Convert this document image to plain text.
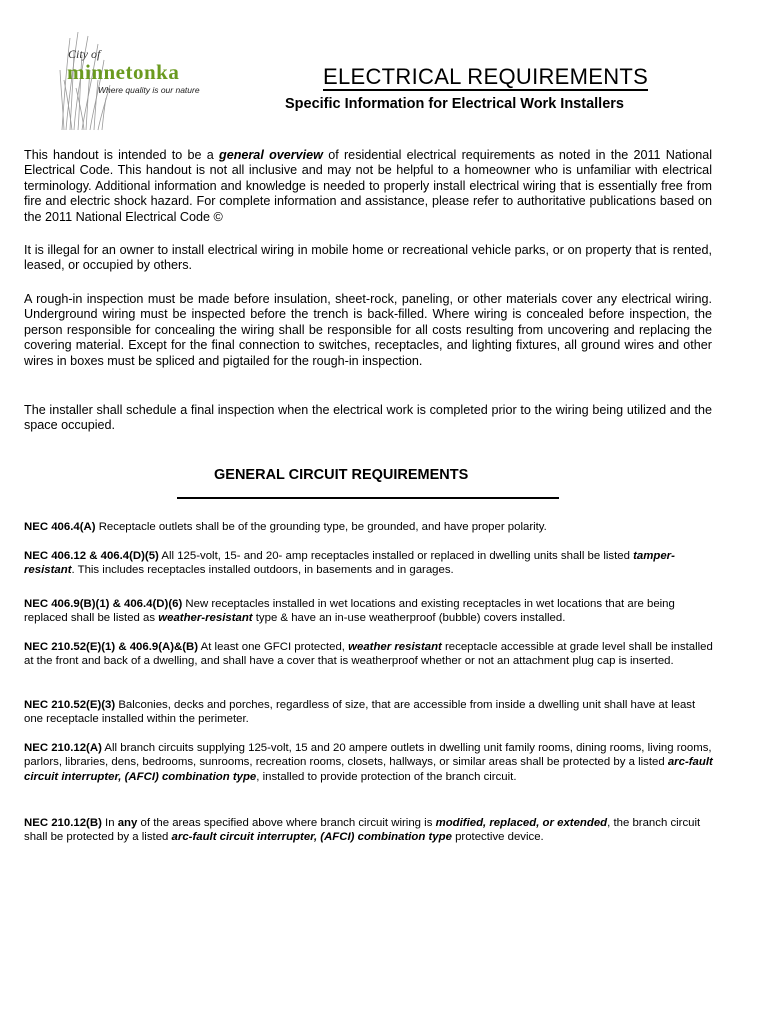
City of
minnetonka
Where quality is our nature
ELECTRICAL REQUIREMENTS
Specific Information for Electrical Work Installers

This handout is intended to be a general overview of residential electrical requirements as noted in the 2011 National Electrical Code. This handout is not all inclusive and may not be helpful to a homeowner who is unfamiliar with electrical terminology. Additional information and knowledge is needed to properly install electrical wiring that is essentially free from fire and electric shock hazard. For complete information and assistance, please refer to authoritative publications based on the 2011 National Electrical Code ©

It is illegal for an owner to install electrical wiring in mobile home or recreational vehicle parks, or on property that is rented, leased, or occupied by others.

A rough-in inspection must be made before insulation, sheet-rock, paneling, or other materials cover any electrical wiring. Underground wiring must be inspected before the trench is back-filled. Where wiring is concealed before inspection, the person responsible for concealing the wiring shall be responsible for all costs resulting from uncovering and replacing the covering material. Except for the final connection to switches, receptacles, and lighting fixtures, all ground wires and other wires in boxes must be spliced and pigtailed for the rough-in inspection.

The installer shall schedule a final inspection when the electrical work is completed prior to the wiring being utilized and the space occupied.

GENERAL CIRCUIT REQUIREMENTS

NEC 406.4(A) Receptacle outlets shall be of the grounding type, be grounded, and have proper polarity.

NEC 406.12 & 406.4(D)(5) All 125-volt, 15- and 20- amp receptacles installed or replaced in dwelling units shall be listed tamper-resistant. This includes receptacles installed outdoors, in basements and in garages.

NEC 406.9(B)(1) & 406.4(D)(6) New receptacles installed in wet locations and existing receptacles in wet locations that are being replaced shall be listed as weather-resistant type & have an in-use weatherproof (bubble) covers installed.

NEC 210.52(E)(1) & 406.9(A)&(B) At least one GFCI protected, weather resistant receptacle accessible at grade level shall be installed at the front and back of a dwelling, and shall have a cover that is weatherproof whether or not an attachment plug cap is inserted.

NEC 210.52(E)(3) Balconies, decks and porches, regardless of size, that are accessible from inside a dwelling unit shall have at least one receptacle installed within the perimeter.

NEC 210.12(A) All branch circuits supplying 125-volt, 15 and 20 ampere outlets in dwelling unit family rooms, dining rooms, living rooms, parlors, libraries, dens, bedrooms, sunrooms, recreation rooms, closets, hallways, or similar areas shall be protected by a listed arc-fault circuit interrupter, (AFCI) combination type, installed to provide protection of the branch circuit.

NEC 210.12(B) In any of the areas specified above where branch circuit wiring is modified, replaced, or extended, the branch circuit shall be protected by a listed arc-fault circuit interrupter, (AFCI) combination type protective device.
